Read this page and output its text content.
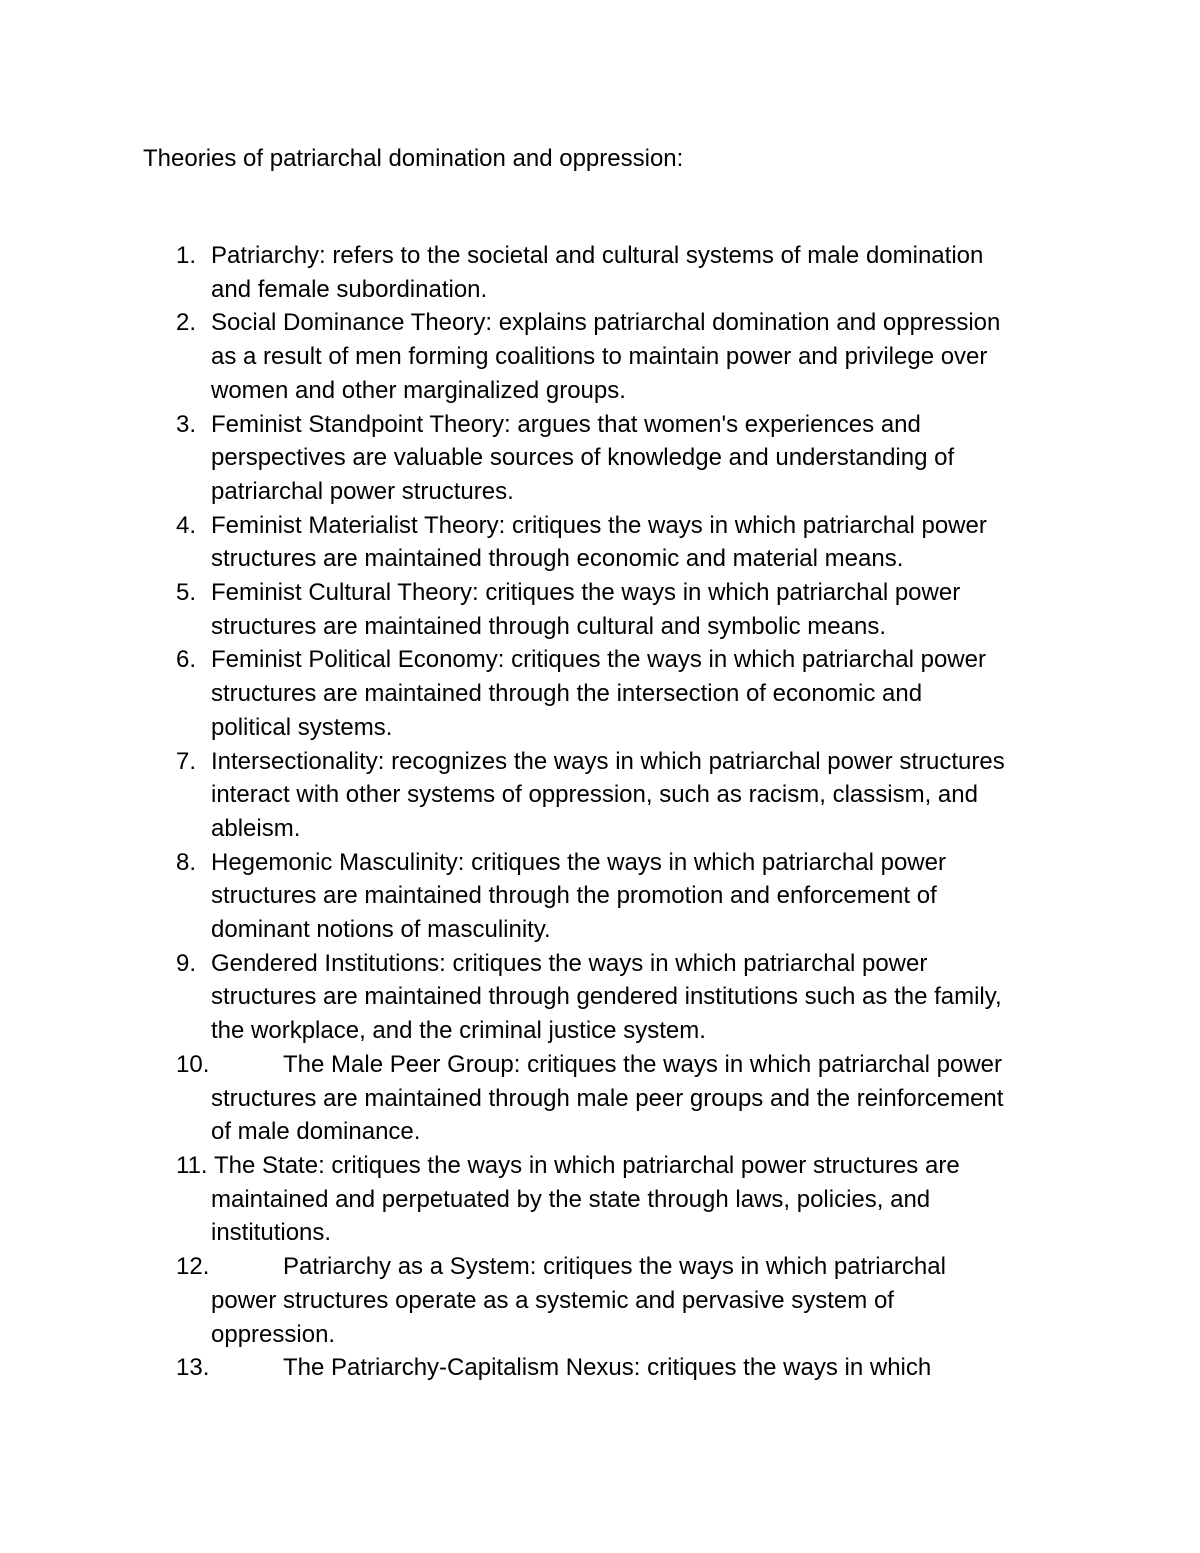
Theories of patriarchal domination and oppression:
1. Patriarchy: refers to the societal and cultural systems of male domination
and female subordination.
2. Social Dominance Theory: explains patriarchal domination and oppression
as a result of men forming coalitions to maintain power and privilege over
women and other marginalized groups.
3. Feminist Standpoint Theory: argues that women's experiences and
perspectives are valuable sources of knowledge and understanding of
patriarchal power structures.
4. Feminist Materialist Theory: critiques the ways in which patriarchal power
structures are maintained through economic and material means.
5. Feminist Cultural Theory: critiques the ways in which patriarchal power
structures are maintained through cultural and symbolic means.
6. Feminist Political Economy: critiques the ways in which patriarchal power
structures are maintained through the intersection of economic and
political systems.
7. Intersectionality: recognizes the ways in which patriarchal power structures
interact with other systems of oppression, such as racism, classism, and
ableism.
8. Hegemonic Masculinity: critiques the ways in which patriarchal power
structures are maintained through the promotion and enforcement of
dominant notions of masculinity.
9. Gendered Institutions: critiques the ways in which patriarchal power
structures are maintained through gendered institutions such as the family,
the workplace, and the criminal justice system.
10.	The Male Peer Group: critiques the ways in which patriarchal power
structures are maintained through male peer groups and the reinforcement
of male dominance.
11. The State: critiques the ways in which patriarchal power structures are
maintained and perpetuated by the state through laws, policies, and
institutions.
12.	Patriarchy as a System: critiques the ways in which patriarchal
power structures operate as a systemic and pervasive system of
oppression.
13.	The Patriarchy-Capitalism Nexus: critiques the ways in which
